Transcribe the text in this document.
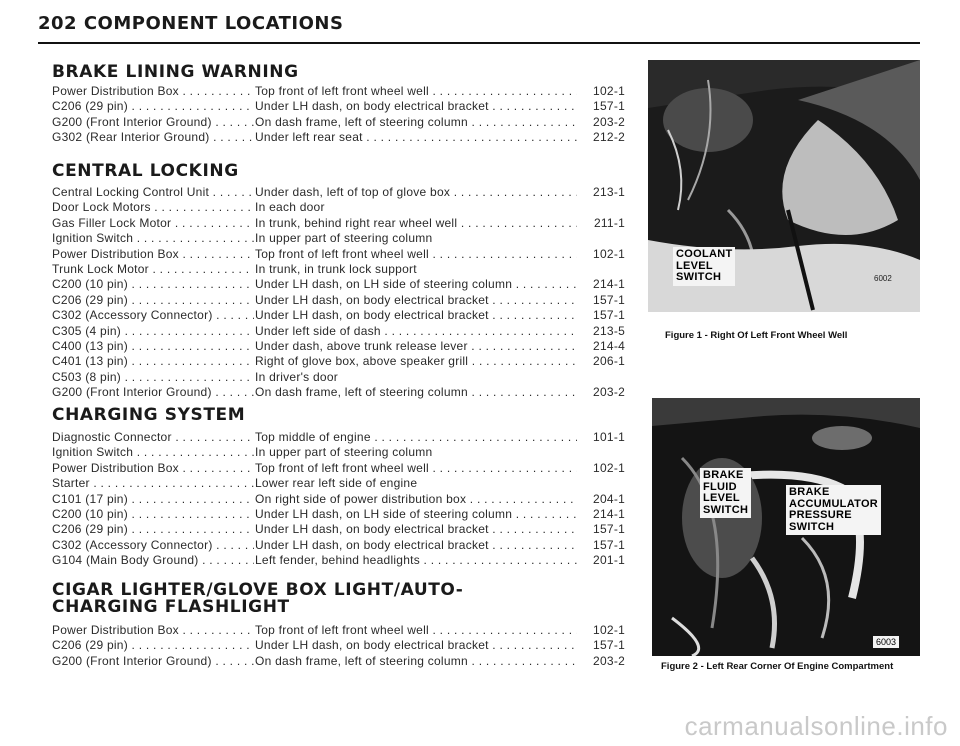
202 COMPONENT LOCATIONS
BRAKE LINING WARNING
Power Distribution Box . . .	Top front of left front wheel well . . .	102-1
C206 (29 pin) . . .	Under LH dash, on body electrical bracket . . .	157-1
G200 (Front Interior Ground) . . .	On dash frame, left of steering column . . .	203-2
G302 (Rear Interior Ground) . . .	Under left rear seat . . .	212-2
CENTRAL LOCKING
Central Locking Control Unit . . .	Under dash, left of top of glove box . . .	213-1
Door Lock Motors . . .	In each door
Gas Filler Lock Motor . . .	In trunk, behind right rear wheel well . . .	211-1
Ignition Switch . . .	In upper part of steering column
Power Distribution Box . . .	Top front of left front wheel well . . .	102-1
Trunk Lock Motor . . .	In trunk, in trunk lock support
C200 (10 pin) . . .	Under LH dash, on LH side of steering column . . .	214-1
C206 (29 pin) . . .	Under LH dash, on body electrical bracket . . .	157-1
C302 (Accessory Connector) . . .	Under LH dash, on body electrical bracket . . .	157-1
C305 (4 pin) . . .	Under left side of dash . . .	213-5
C400 (13 pin) . . .	Under dash, above trunk release lever . . .	214-4
C401 (13 pin) . . .	Right of glove box, above speaker grill . . .	206-1
C503 (8 pin) . . .	In driver's door
G200 (Front Interior Ground) . . .	On dash frame, left of steering column . . .	203-2
CHARGING SYSTEM
Diagnostic Connector . . .	Top middle of engine . . .	101-1
Ignition Switch . . .	In upper part of steering column
Power Distribution Box . . .	Top front of left front wheel well . . .	102-1
Starter . . .	Lower rear left side of engine
C101 (17 pin) . . .	On right side of power distribution box . . .	204-1
C200 (10 pin) . . .	Under LH dash, on LH side of steering column . . .	214-1
C206 (29 pin) . . .	Under LH dash, on body electrical bracket . . .	157-1
C302 (Accessory Connector) . . .	Under LH dash, on body electrical bracket . . .	157-1
G104 (Main Body Ground) . . .	Left fender, behind headlights . . .	201-1
CIGAR LIGHTER/GLOVE BOX LIGHT/AUTO-
CHARGING FLASHLIGHT
Power Distribution Box . . .	Top front of left front wheel well . . .	102-1
C206 (29 pin) . . .	Under LH dash, on body electrical bracket . . .	157-1
G200 (Front Interior Ground) . . .	On dash frame, left of steering column . . .	203-2
COOLANT
LEVEL
SWITCH	6002
Figure 1 - Right Of Left Front Wheel Well
BRAKE
FLUID
LEVEL
SWITCH
BRAKE
ACCUMULATOR
PRESSURE
SWITCH
6003
Figure 2 - Left Rear Corner Of Engine Compartment
carmanualsonline.info
